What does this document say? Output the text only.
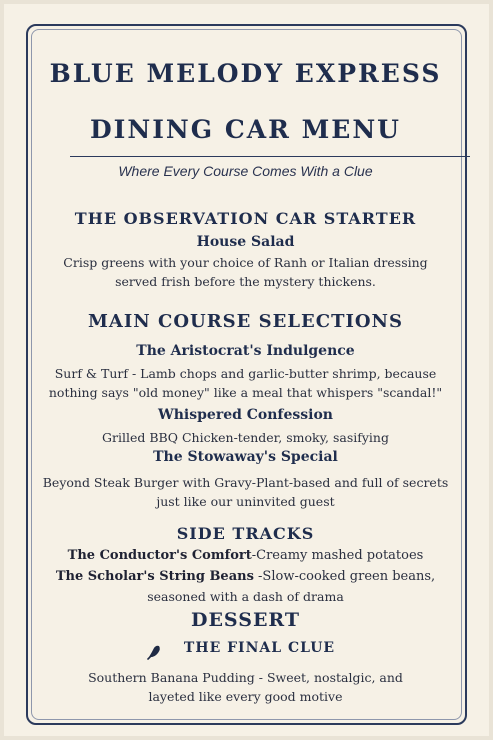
BLUE MELODY EXPRESS
DINING CAR MENU
Where Every Course Comes With a Clue
THE OBSERVATION CAR STARTER
House Salad
Crisp greens with your choice of Ranh or Italian dressing
served frish before the mystery thickens.
MAIN COURSE SELECTIONS
The Aristocrat's Indulgence
Surf & Turf - Lamb chops and garlic-butter shrimp, because
nothing says "old money" like a meal that whispers "scandal!"
Whispered Confession
Grilled BBQ Chicken-tender, smoky, sasifying
The Stowaway's Special
Beyond Steak Burger with Gravy-Plant-based and full of secrets
just like our uninvited guest
SIDE TRACKS
The Conductor's Comfort-Creamy mashed potatoes
The Scholar's String Beans -Slow-cooked green beans,
seasoned with a dash of drama
DESSERT
THE FINAL CLUE
Southern Banana Pudding - Sweet, nostalgic, and
layeted like every good motive
